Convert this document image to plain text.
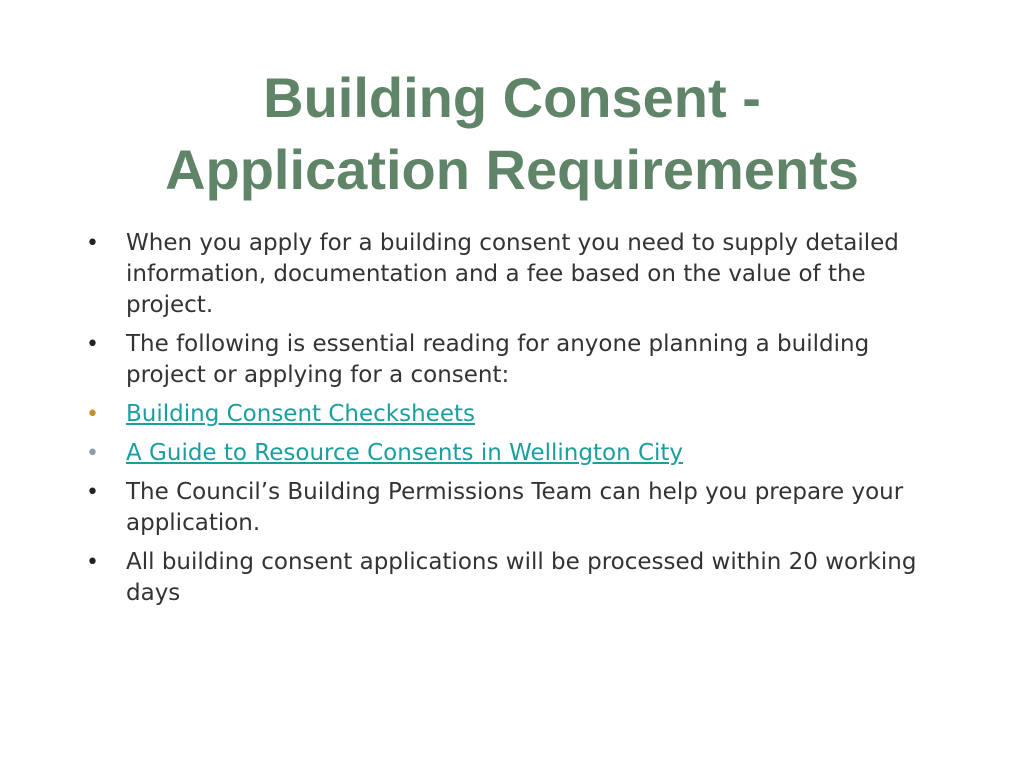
Building Consent -
Application Requirements
•	When you apply for a building consent you need to supply detailed information, documentation and a fee based on the value of the project.
•	The following is essential reading for anyone planning a building project or applying for a consent:
•	Building Consent Checksheets
•	A Guide to Resource Consents in Wellington City
•	The Council’s Building Permissions Team can help you prepare your application.
•	All building consent applications will be processed within 20 working days
